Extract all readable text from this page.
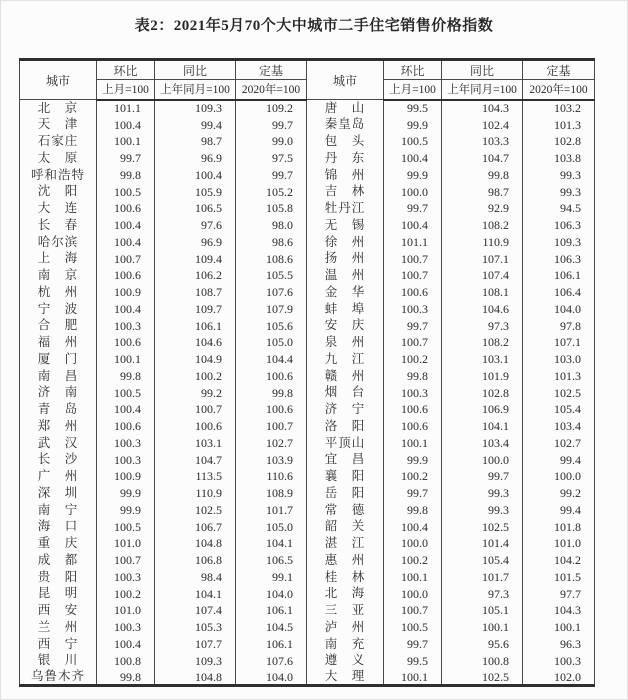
表2：2021年5月70个大中城市二手住宅销售价格指数
城市	环比	同比	定基	城市	环比	同比	定基
	上月=100	上年同月=100	2020年=100		上月=100	上年同月=100	2020年=100
北　京	101.1	109.3	109.2	唐　山	99.5	104.3	103.2
天　津	100.4	99.4	99.7	秦皇岛	99.9	102.4	101.3
石家庄	100.1	98.7	99.0	包　头	100.5	103.3	102.8
太　原	99.7	96.9	97.5	丹　东	100.4	104.7	103.8
呼和浩特	99.8	100.4	99.7	锦　州	99.9	99.8	99.3
沈　阳	100.5	105.9	105.2	吉　林	100.0	98.7	99.3
大　连	100.6	106.5	105.8	牡丹江	99.7	92.9	94.5
长　春	100.4	97.6	98.0	无　锡	100.4	108.2	106.3
哈尔滨	100.4	96.9	98.6	徐　州	101.1	110.9	109.3
上　海	100.7	109.4	108.6	扬　州	100.7	107.1	106.3
南　京	100.6	106.2	105.5	温　州	100.7	107.4	106.1
杭　州	100.9	108.7	107.6	金　华	100.6	108.1	106.4
宁　波	100.4	109.7	107.9	蚌　埠	100.3	104.6	104.0
合　肥	100.3	106.1	105.6	安　庆	99.7	97.3	97.8
福　州	100.6	104.6	105.0	泉　州	100.7	108.2	107.1
厦　门	100.1	104.9	104.4	九　江	100.2	103.1	103.0
南　昌	99.8	100.2	100.6	赣　州	99.8	101.9	101.3
济　南	100.5	99.2	99.8	烟　台	100.3	102.8	102.5
青　岛	100.4	100.7	100.6	济　宁	100.6	106.9	105.4
郑　州	100.6	100.6	100.7	洛　阳	100.6	104.1	103.4
武　汉	100.3	103.1	102.7	平顶山	100.1	103.4	102.7
长　沙	100.3	104.7	103.9	宜　昌	99.9	100.0	99.4
广　州	100.9	113.5	110.6	襄　阳	100.2	99.7	100.0
深　圳	99.9	110.9	108.9	岳　阳	99.7	99.3	99.2
南　宁	99.9	102.5	101.7	常　德	99.8	99.3	99.4
海　口	100.5	106.7	105.0	韶　关	100.4	102.5	101.8
重　庆	101.0	104.8	104.1	湛　江	100.0	101.4	101.0
成　都	100.7	106.8	106.5	惠　州	100.2	105.4	104.2
贵　阳	100.3	98.4	99.1	桂　林	100.1	101.7	101.5
昆　明	100.2	104.1	104.0	北　海	100.0	97.3	97.7
西　安	101.0	107.4	106.1	三　亚	100.7	105.1	104.3
兰　州	100.3	105.3	104.5	泸　州	100.5	100.1	100.1
西　宁	100.4	107.7	106.1	南　充	99.7	95.6	96.3
银　川	100.8	109.3	107.6	遵　义	99.5	100.8	100.3
乌鲁木齐	99.8	104.8	104.0	大　理	100.1	102.5	102.0
